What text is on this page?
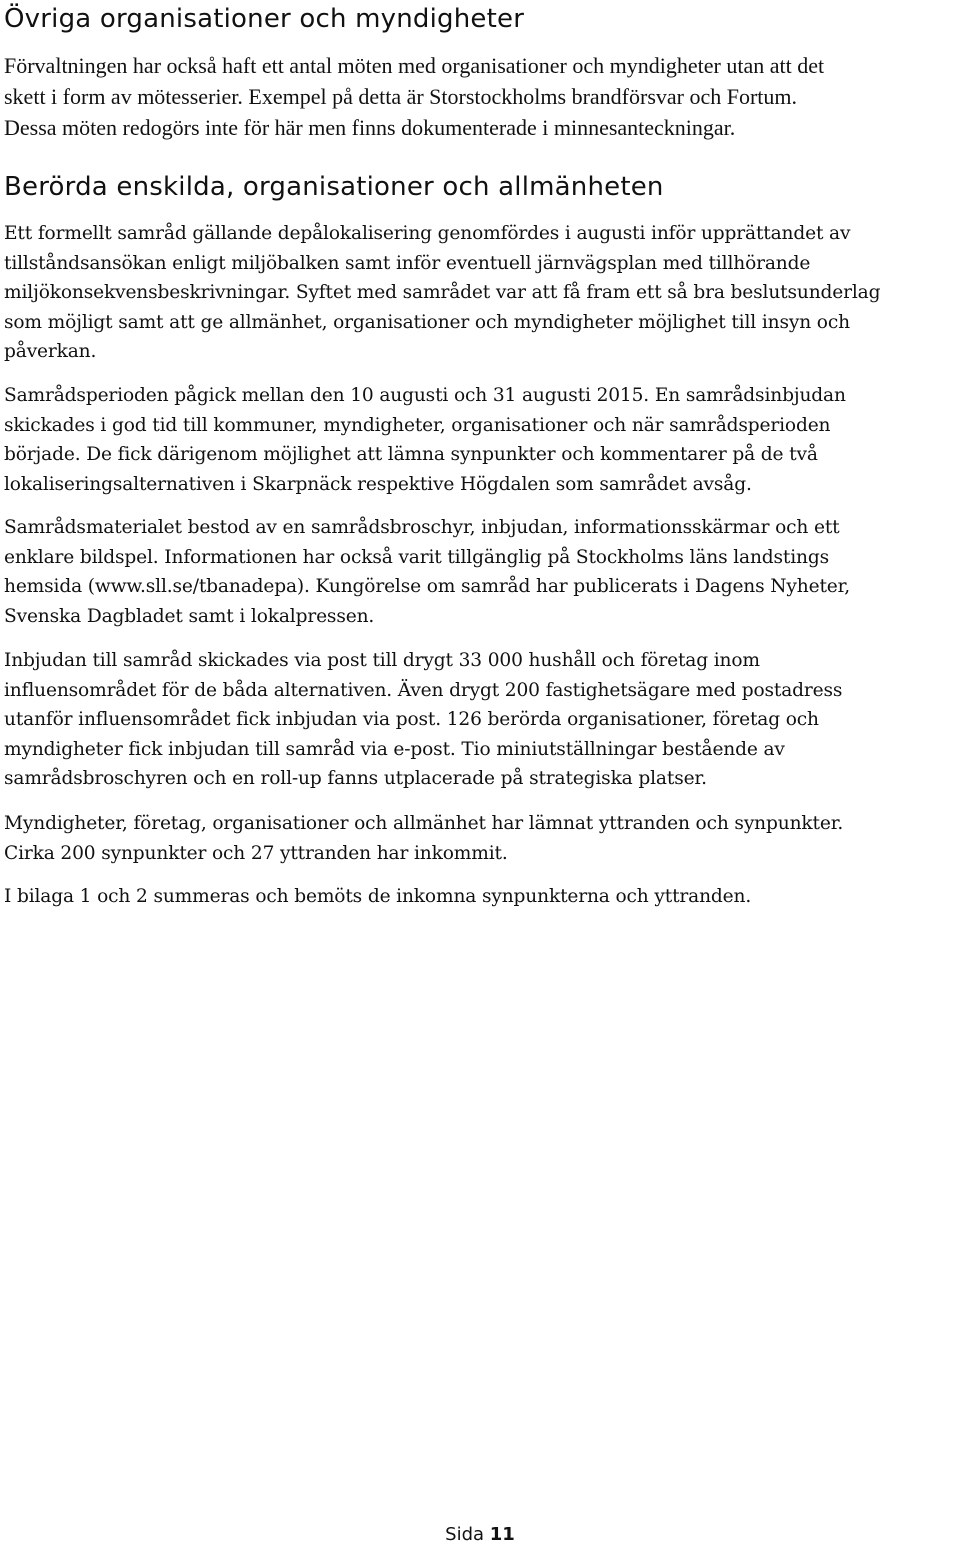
Övriga organisationer och myndigheter

Förvaltningen har också haft ett antal möten med organisationer och myndigheter utan att det
skett i form av mötesserier. Exempel på detta är Storstockholms brandförsvar och Fortum.
Dessa möten redogörs inte för här men finns dokumenterade i minnesanteckningar.

Berörda enskilda, organisationer och allmänheten

Ett formellt samråd gällande depålokalisering genomfördes i augusti inför upprättandet av
tillståndsansökan enligt miljöbalken samt inför eventuell järnvägsplan med tillhörande
miljökonsekvensbeskrivningar. Syftet med samrådet var att få fram ett så bra beslutsunderlag
som möjligt samt att ge allmänhet, organisationer och myndigheter möjlighet till insyn och
påverkan.

Samrådsperioden pågick mellan den 10 augusti och 31 augusti 2015. En samrådsinbjudan
skickades i god tid till kommuner, myndigheter, organisationer och när samrådsperioden
började. De fick därigenom möjlighet att lämna synpunkter och kommentarer på de två
lokaliseringsalternativen i Skarpnäck respektive Högdalen som samrådet avsåg.

Samrådsmaterialet bestod av en samrådsbroschyr, inbjudan, informationsskärmar och ett
enklare bildspel. Informationen har också varit tillgänglig på Stockholms läns landstings
hemsida (www.sll.se/tbanadepa). Kungörelse om samråd har publicerats i Dagens Nyheter,
Svenska Dagbladet samt i lokalpressen.

Inbjudan till samråd skickades via post till drygt 33 000 hushåll och företag inom
influensområdet för de båda alternativen. Även drygt 200 fastighetsägare med postadress
utanför influensområdet fick inbjudan via post. 126 berörda organisationer, företag och
myndigheter fick inbjudan till samråd via e-post. Tio miniutställningar bestående av
samrådsbroschyren och en roll-up fanns utplacerade på strategiska platser.

Myndigheter, företag, organisationer och allmänhet har lämnat yttranden och synpunkter.
Cirka 200 synpunkter och 27 yttranden har inkommit.

I bilaga 1 och 2 summeras och bemöts de inkomna synpunkterna och yttranden.

Sida 11
